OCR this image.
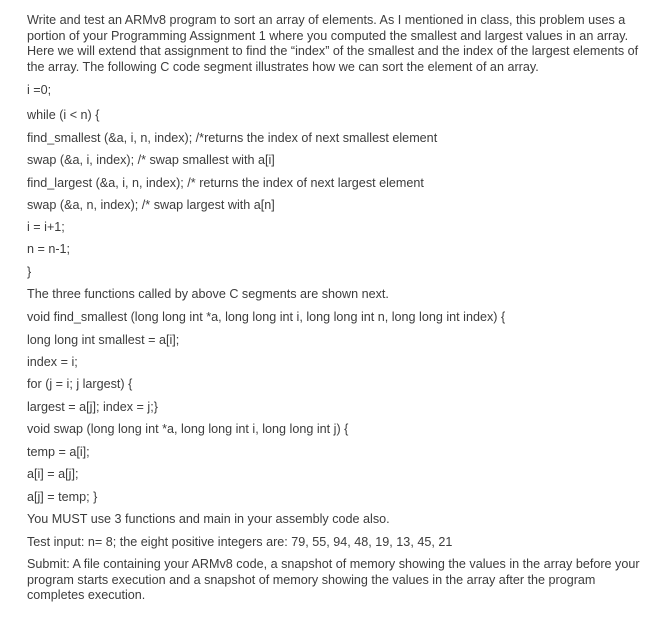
Write and test an ARMv8 program to sort an array of elements. As I mentioned in class, this problem uses a portion of your Programming Assignment 1 where you computed the smallest and largest values in an array. Here we will extend that assignment to find the “index” of the smallest and the index of the largest elements of the array. The following C code segment illustrates how we can sort the element of an array.

i =0;

while (i < n) {

find_smallest (&a, i, n, index); /*returns the index of next smallest element

swap (&a, i, index); /* swap smallest with a[i]

find_largest (&a, i, n, index); /* returns the index of next largest element

swap (&a, n, index); /* swap largest with a[n]

i = i+1;

n = n-1;

}

The three functions called by above C segments are shown next.

void find_smallest (long long int *a, long long int i, long long int n, long long int index) {

long long int smallest = a[i];

index = i;

for (j = i; j largest) {

largest = a[j]; index = j;}

void swap (long long int *a, long long int i, long long int j) {

temp = a[i];

a[i] = a[j];

a[j] = temp; }

You MUST use 3 functions and main in your assembly code also.

Test input: n= 8; the eight positive integers are: 79, 55, 94, 48, 19, 13, 45, 21

Submit: A file containing your ARMv8 code, a snapshot of memory showing the values in the array before your program starts execution and a snapshot of memory showing the values in the array after the program completes execution.
